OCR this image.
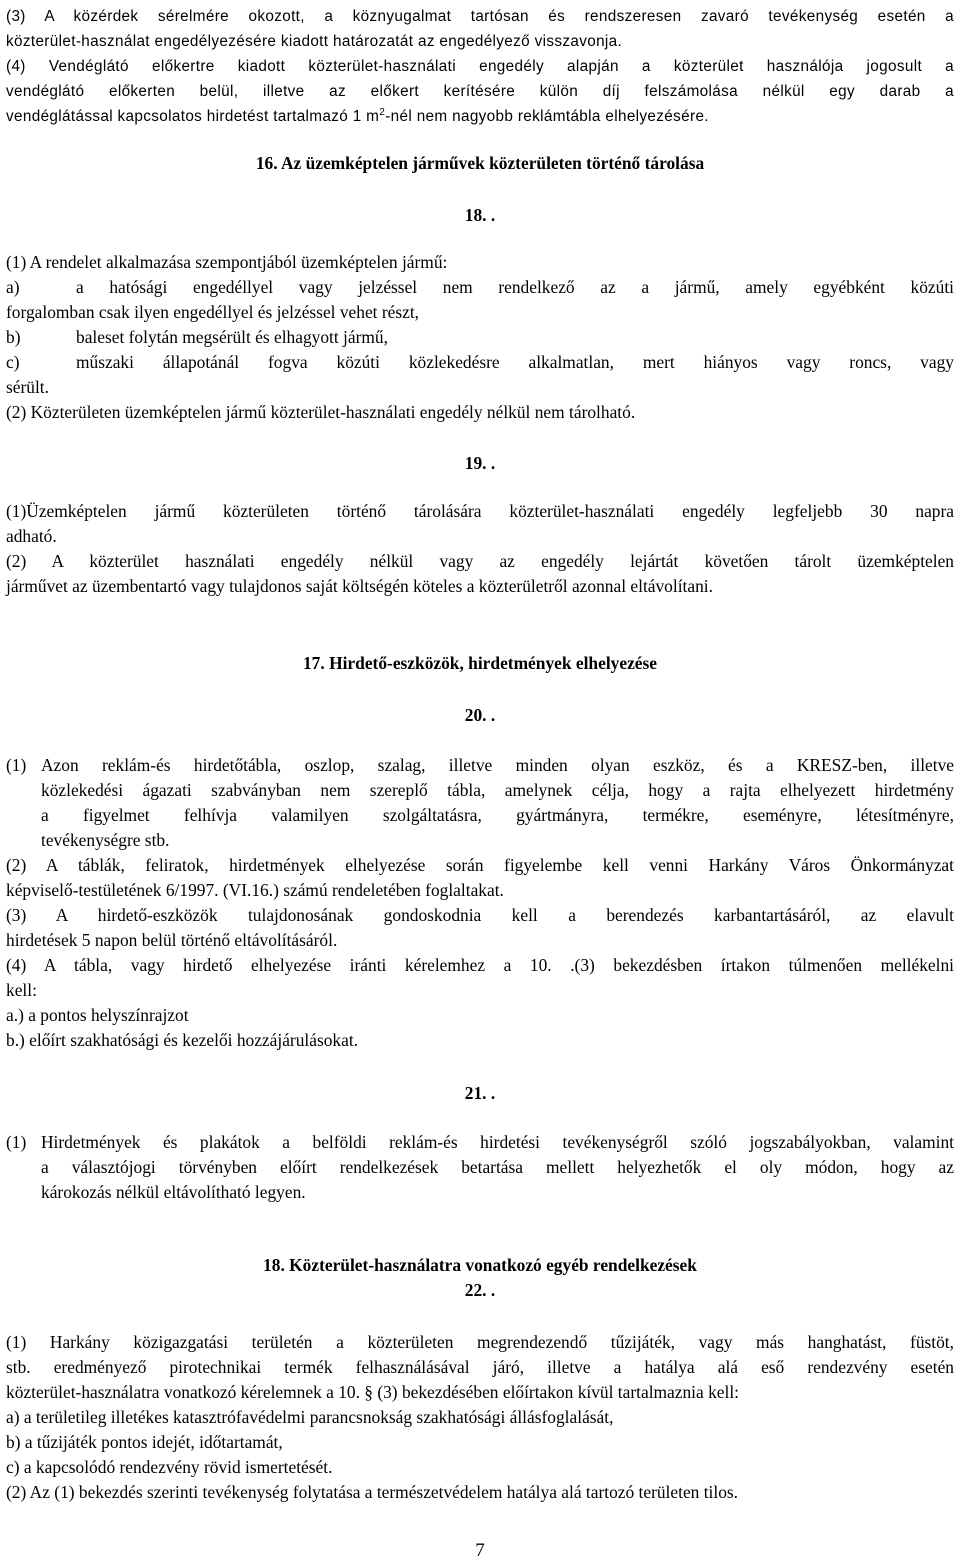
(3) A közérdek sérelmére okozott, a köznyugalmat tartósan és rendszeresen zavaró tevékenység esetén a

közterület-használat engedélyezésére kiadott határozatát az engedélyező visszavonja.

(4) Vendéglátó előkertre kiadott közterület-használati engedély alapján a közterület használója jogosult a

vendéglátó előkerten belül, illetve az előkert kerítésére külön díj felszámolása nélkül egy darab a

vendéglátással kapcsolatos hirdetést tartalmazó 1 $m^2$-nél nem nagyobb reklámtábla elhelyezésére.

16. Az üzemképtelen járművek közterületen történő tárolása

18. .

(1) A rendelet alkalmazása szempontjából üzemképtelen jármű:

a)	a hatósági engedéllyel vagy jelzéssel nem rendelkező az a jármű, amely egyébként közúti

forgalomban csak ilyen engedéllyel és jelzéssel vehet részt,

b)	baleset folytán megsérült és elhagyott jármű,
c)	műszaki állapotánál fogva közúti közlekedésre alkalmatlan, mert hiányos vagy roncs, vagy

sérült.

(2) Közterületen üzemképtelen jármű közterület-használati engedély nélkül nem tárolható.

19. .

(1)Üzemképtelen jármű közterületen történő tárolására közterület-használati engedély legfeljebb 30 napra

adható.

(2) A közterület használati engedély nélkül vagy az engedély lejártát követően tárolt üzemképtelen

járművet az üzembentartó vagy tulajdonos saját költségén köteles a közterületről azonnal eltávolítani.

17. Hirdető-eszközök, hirdetmények elhelyezése

20. .

(1) Azon reklám-és hirdetőtábla, oszlop, szalag, illetve minden olyan eszköz, és a KRESZ-ben, illetve

közlekedési ágazati szabványban nem szereplő tábla, amelynek célja, hogy a rajta elhelyezett hirdetmény

a figyelmet felhívja valamilyen szolgáltatásra, gyártmányra, termékre, eseményre, létesítményre,

tevékenységre stb.

(2) A táblák, feliratok, hirdetmények elhelyezése során figyelembe kell venni Harkány Város Önkormányzat

képviselő-testületének 6/1997. (VI.16.) számú rendeletében foglaltakat.

(3) A hirdető-eszközök tulajdonosának gondoskodnia kell a berendezés karbantartásáról, az elavult

hirdetések 5 napon belül történő eltávolításáról.

(4) A tábla, vagy hirdető elhelyezése iránti kérelemhez a 10. .(3) bekezdésben írtakon túlmenően mellékelni

kell:

a.) a pontos helyszínrajzot

b.) előírt szakhatósági és kezelői hozzájárulásokat.

21. .

(1) Hirdetmények és plakátok a belföldi reklám-és hirdetési tevékenységről szóló jogszabályokban, valamint

a választójogi törvényben előírt rendelkezések betartása mellett helyezhetők el oly módon, hogy az

károkozás nélkül eltávolítható legyen.

18. Közterület-használatra vonatkozó egyéb rendelkezések

22. .

(1) Harkány közigazgatási területén a közterületen megrendezendő tűzijáték, vagy más hanghatást, füstöt,

stb. eredményező pirotechnikai termék felhasználásával járó, illetve a hatálya alá eső rendezvény esetén

közterület-használatra vonatkozó kérelemnek a 10. § (3) bekezdésében előírtakon kívül tartalmaznia kell:

a) a területileg illetékes katasztrófavédelmi parancsnokság szakhatósági állásfoglalását,

b) a tűzijáték pontos idejét, időtartamát,

c) a kapcsolódó rendezvény rövid ismertetését.

(2) Az (1) bekezdés szerinti tevékenység folytatása a természetvédelem hatálya alá tartozó területen tilos.

7
